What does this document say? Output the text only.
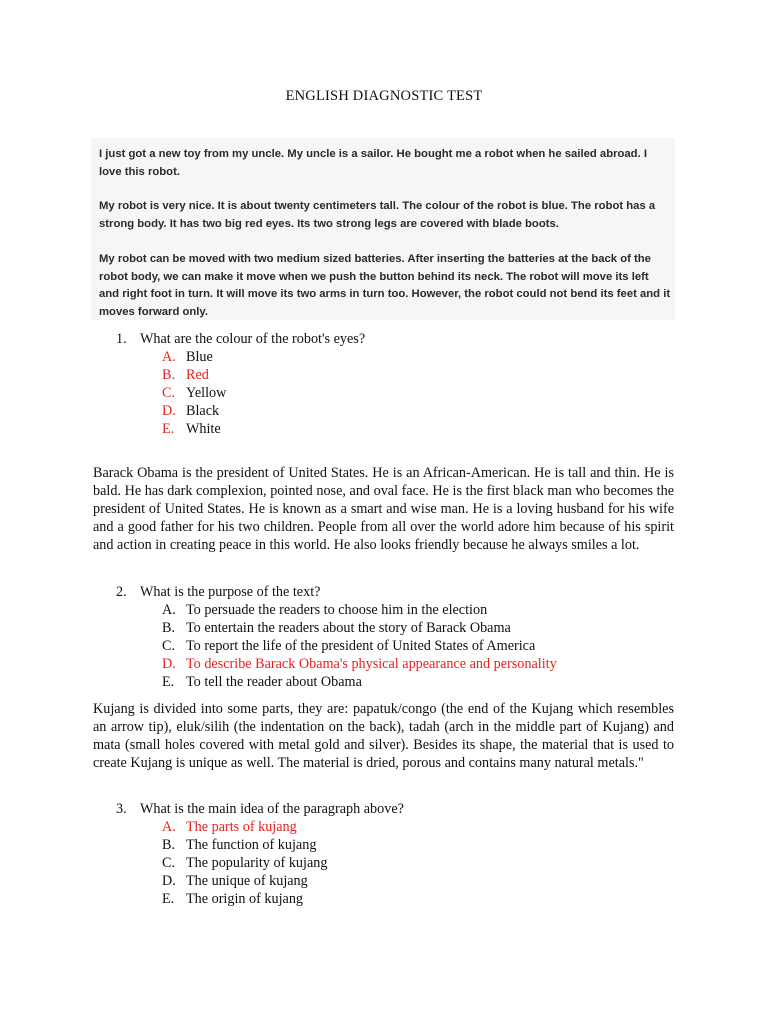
ENGLISH DIAGNOSTIC TEST

I just got a new toy from my uncle. My uncle is a sailor. He bought me a robot when he sailed abroad. I love this robot.

My robot is very nice. It is about twenty centimeters tall. The colour of the robot is blue. The robot has a strong body. It has two big red eyes. Its two strong legs are covered with blade boots.

My robot can be moved with two medium sized batteries. After inserting the batteries at the back of the robot body, we can make it move when we push the button behind its neck. The robot will move its left and right foot in turn. It will move its two arms in turn too. However, the robot could not bend its feet and it moves forward only.

1. What are the colour of the robot's eyes?
A. Blue
B. Red
C. Yellow
D. Black
E. White

Barack Obama is the president of United States. He is an African-American. He is tall and thin. He is bald. He has dark complexion, pointed nose, and oval face. He is the first black man who becomes the president of United States. He is known as a smart and wise man. He is a loving husband for his wife and a good father for his two children. People from all over the world adore him because of his spirit and action in creating peace in this world. He also looks friendly because he always smiles a lot.

2. What is the purpose of the text?
A. To persuade the readers to choose him in the election
B. To entertain the readers about the story of Barack Obama
C. To report the life of the president of United States of America
D. To describe Barack Obama's physical appearance and personality
E. To tell the reader about Obama

Kujang is divided into some parts, they are: papatuk/congo (the end of the Kujang which resembles an arrow tip), eluk/silih (the indentation on the back), tadah (arch in the middle part of Kujang) and mata (small holes covered with metal gold and silver). Besides its shape, the material that is used to create Kujang is unique as well. The material is dried, porous and contains many natural metals."

3. What is the main idea of the paragraph above?
A. The parts of kujang
B. The function of kujang
C. The popularity of kujang
D. The unique of kujang
E. The origin of kujang
